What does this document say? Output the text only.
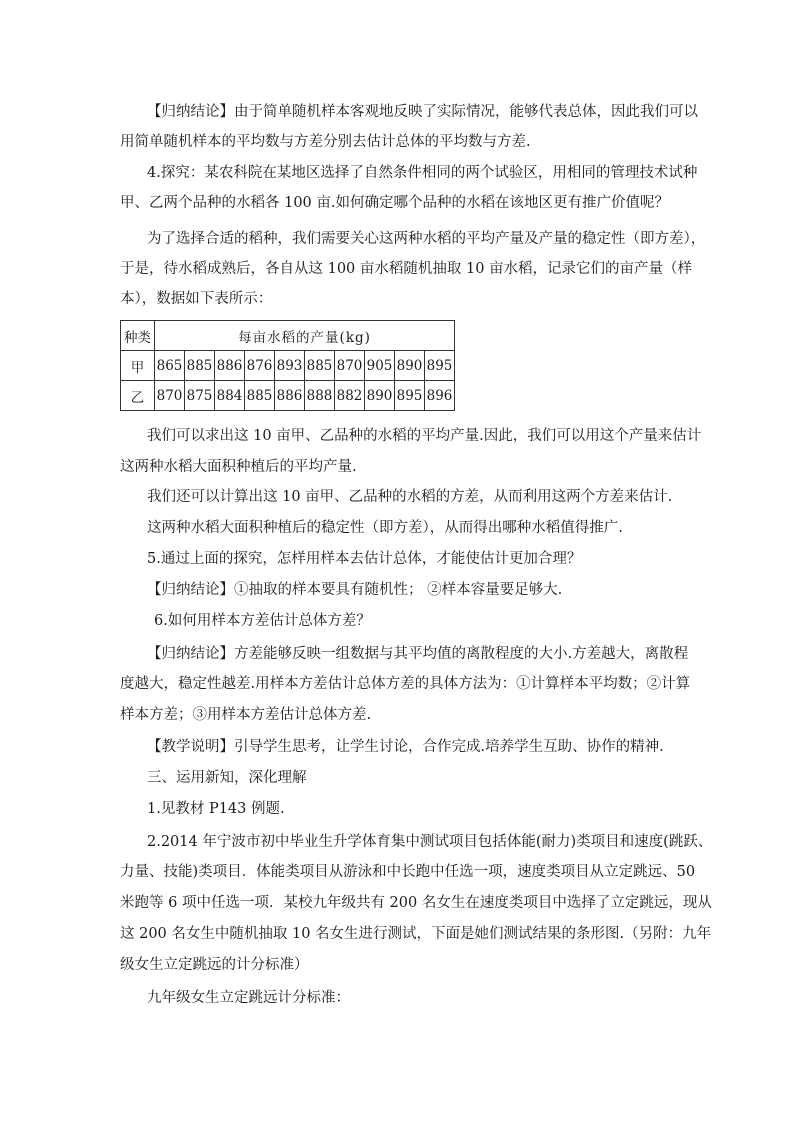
【归纳结论】由于简单随机样本客观地反映了实际情况，能够代表总体，因此我们可以
用简单随机样本的平均数与方差分别去估计总体的平均数与方差.
4.探究：某农科院在某地区选择了自然条件相同的两个试验区，用相同的管理技术试种
甲、乙两个品种的水稻各 100 亩.如何确定哪个品种的水稻在该地区更有推广价值呢？
为了选择合适的稻种，我们需要关心这两种水稻的平均产量及产量的稳定性（即方差），
于是，待水稻成熟后，各自从这 100 亩水稻随机抽取 10 亩水稻，记录它们的亩产量（样
本），数据如下表所示：
种类	每亩水稻的产量(kg)									
甲	865	885	886	876	893	885	870	905	890	895
乙	870	875	884	885	886	888	882	890	895	896
我们可以求出这 10 亩甲、乙品种的水稻的平均产量.因此，我们可以用这个产量来估计
这两种水稻大面积种植后的平均产量.
我们还可以计算出这 10 亩甲、乙品种的水稻的方差，从而利用这两个方差来估计.
这两种水稻大面积种植后的稳定性（即方差），从而得出哪种水稻值得推广.
5.通过上面的探究，怎样用样本去估计总体，才能使估计更加合理？
【归纳结论】①抽取的样本要具有随机性； ②样本容量要足够大.
6.如何用样本方差估计总体方差？
【归纳结论】方差能够反映一组数据与其平均值的离散程度的大小.方差越大，离散程
度越大，稳定性越差.用样本方差估计总体方差的具体方法为：①计算样本平均数；②计算
样本方差；③用样本方差估计总体方差.
【教学说明】引导学生思考，让学生讨论，合作完成.培养学生互助、协作的精神.
三、运用新知，深化理解
1.见教材 P143 例题.
2.2014 年宁波市初中毕业生升学体育集中测试项目包括体能(耐力)类项目和速度(跳跃、
力量、技能)类项目．体能类项目从游泳和中长跑中任选一项，速度类项目从立定跳远、50
米跑等 6 项中任选一项．某校九年级共有 200 名女生在速度类项目中选择了立定跳远，现从
这 200 名女生中随机抽取 10 名女生进行测试，下面是她们测试结果的条形图.（另附：九年
级女生立定跳远的计分标准）
九年级女生立定跳远计分标准：
